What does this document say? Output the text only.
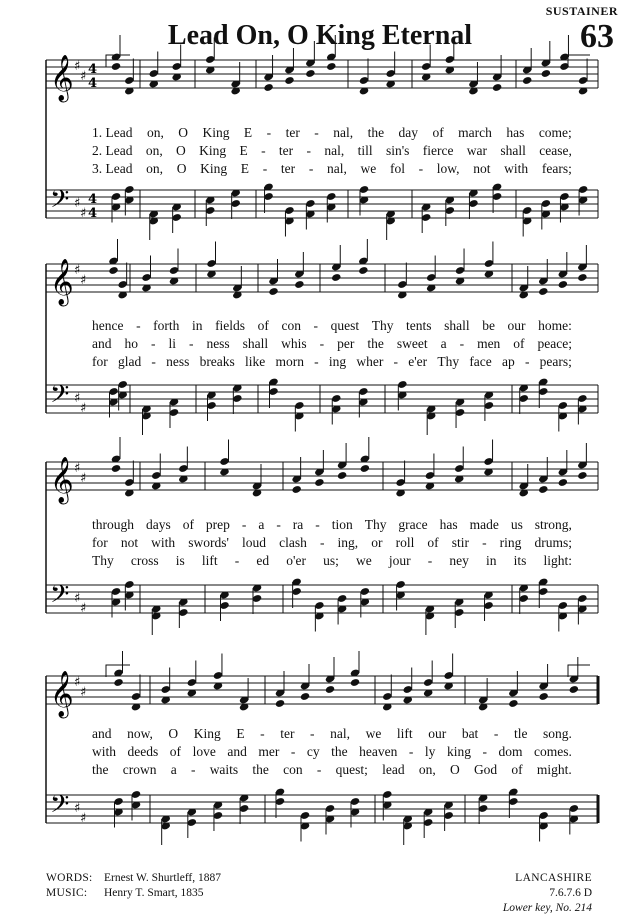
SUSTAINER
Lead On, O King Eternal	63
𝄞 ♯
♯ 4
4
𝄢 ♯
♯
4
4
𝄞 ♯
♯
𝄢 ♯
♯
𝄞 ♯
♯
𝄢 ♯
♯
𝄞 ♯
♯
𝄢 ♯
♯
1. Lead on, O King E - ter - nal, the day of march has come;
2. Lead on, O King E - ter - nal, till sin's fierce war shall cease,
3. Lead on, O King E - ter - nal, we fol - low, not with fears;
hence - forth in fields of con - quest Thy tents shall be our home:
and ho - li - ness shall whis - per the sweet a - men of peace;
for glad - ness breaks like morn - ing wher - e'er Thy face ap - pears;
through days of prep - a - ra - tion Thy grace has made us strong,
for not with swords' loud clash - ing, or roll of stir - ring drums;
Thy cross is lift - ed o'er us; we jour - ney in its light:
and now, O King E - ter - nal, we lift our bat - tle song.
with deeds of love and mer - cy the heaven - ly king - dom comes.
the crown a - waits the con - quest; lead on, O God of might.
WORDS: Ernest W. Shurtleff, 1887
MUSIC: Henry T. Smart, 1835
LANCASHIRE
7.6.7.6 D
Lower key, No. 214
